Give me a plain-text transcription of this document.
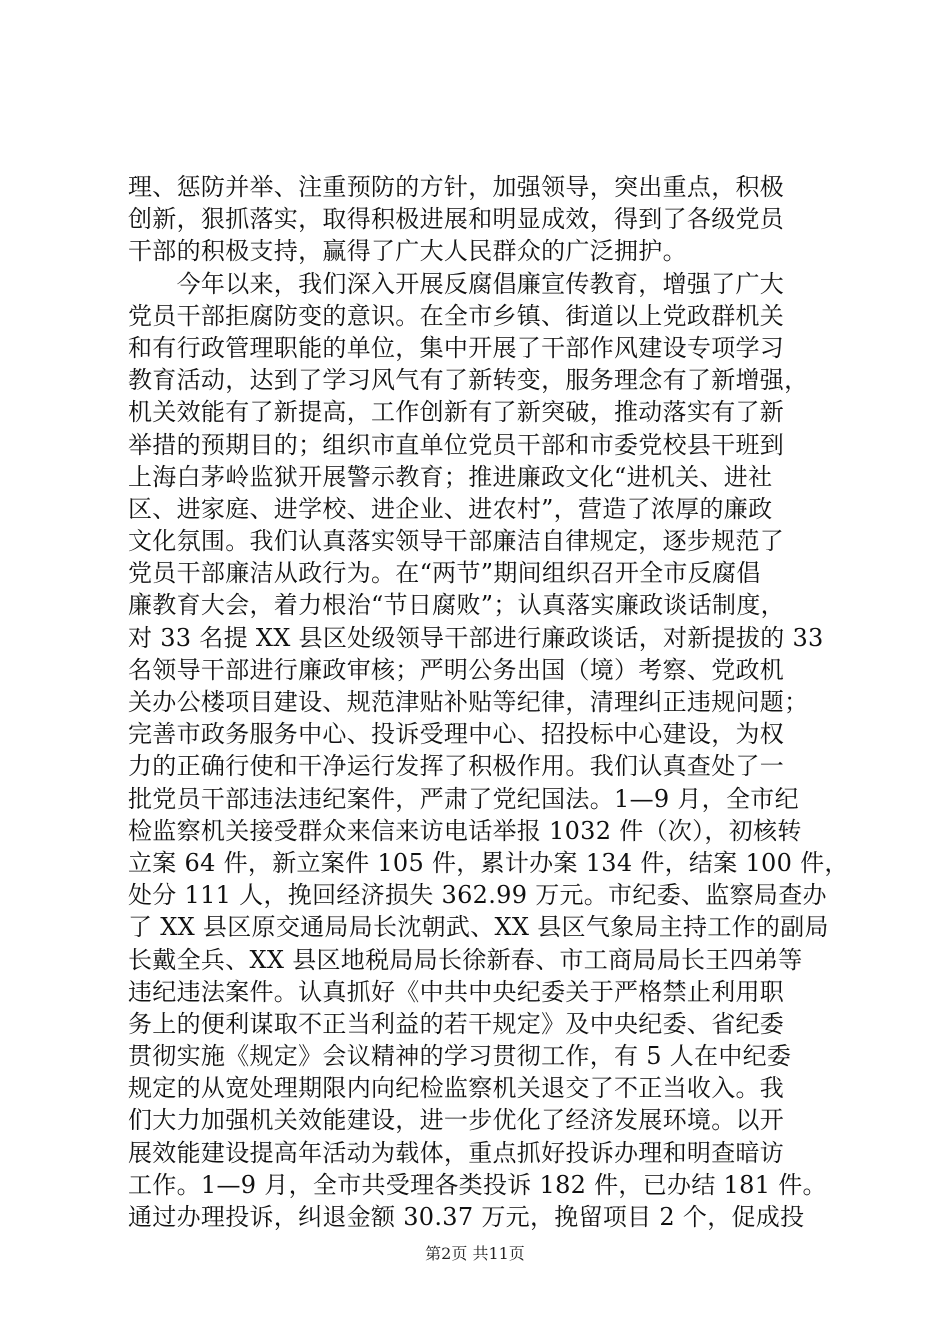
理、惩防并举、注重预防的方针，加强领导，突出重点，积极
创新，狠抓落实，取得积极进展和明显成效，得到了各级党员
干部的积极支持，赢得了广大人民群众的广泛拥护。
　　今年以来，我们深入开展反腐倡廉宣传教育，增强了广大
党员干部拒腐防变的意识。在全市乡镇、街道以上党政群机关
和有行政管理职能的单位，集中开展了干部作风建设专项学习
教育活动，达到了学习风气有了新转变，服务理念有了新增强，
机关效能有了新提高，工作创新有了新突破，推动落实有了新
举措的预期目的；组织市直单位党员干部和市委党校县干班到
上海白茅岭监狱开展警示教育；推进廉政文化“进机关、进社
区、进家庭、进学校、进企业、进农村”，营造了浓厚的廉政
文化氛围。我们认真落实领导干部廉洁自律规定，逐步规范了
党员干部廉洁从政行为。在“两节”期间组织召开全市反腐倡
廉教育大会，着力根治“节日腐败”；认真落实廉政谈话制度，
对 33 名提 XX 县区处级领导干部进行廉政谈话，对新提拔的 33
名领导干部进行廉政审核；严明公务出国（境）考察、党政机
关办公楼项目建设、规范津贴补贴等纪律，清理纠正违规问题；
完善市政务服务中心、投诉受理中心、招投标中心建设，为权
力的正确行使和干净运行发挥了积极作用。我们认真查处了一
批党员干部违法违纪案件，严肃了党纪国法。1—9 月，全市纪
检监察机关接受群众来信来访电话举报 1032 件（次），初核转
立案 64 件，新立案件 105 件，累计办案 134 件，结案 100 件，
处分 111 人，挽回经济损失 362.99 万元。市纪委、监察局查办
了 XX 县区原交通局局长沈朝武、XX 县区气象局主持工作的副局
长戴全兵、XX 县区地税局局长徐新春、市工商局局长王四弟等
违纪违法案件。认真抓好《中共中央纪委关于严格禁止利用职
务上的便利谋取不正当利益的若干规定》及中央纪委、省纪委
贯彻实施《规定》会议精神的学习贯彻工作，有 5 人在中纪委
规定的从宽处理期限内向纪检监察机关退交了不正当收入。我
们大力加强机关效能建设，进一步优化了经济发展环境。以开
展效能建设提高年活动为载体，重点抓好投诉办理和明查暗访
工作。1—9 月，全市共受理各类投诉 182 件，已办结 181 件。
通过办理投诉，纠退金额 30.37 万元，挽留项目 2 个，促成投
第2页 共11页
